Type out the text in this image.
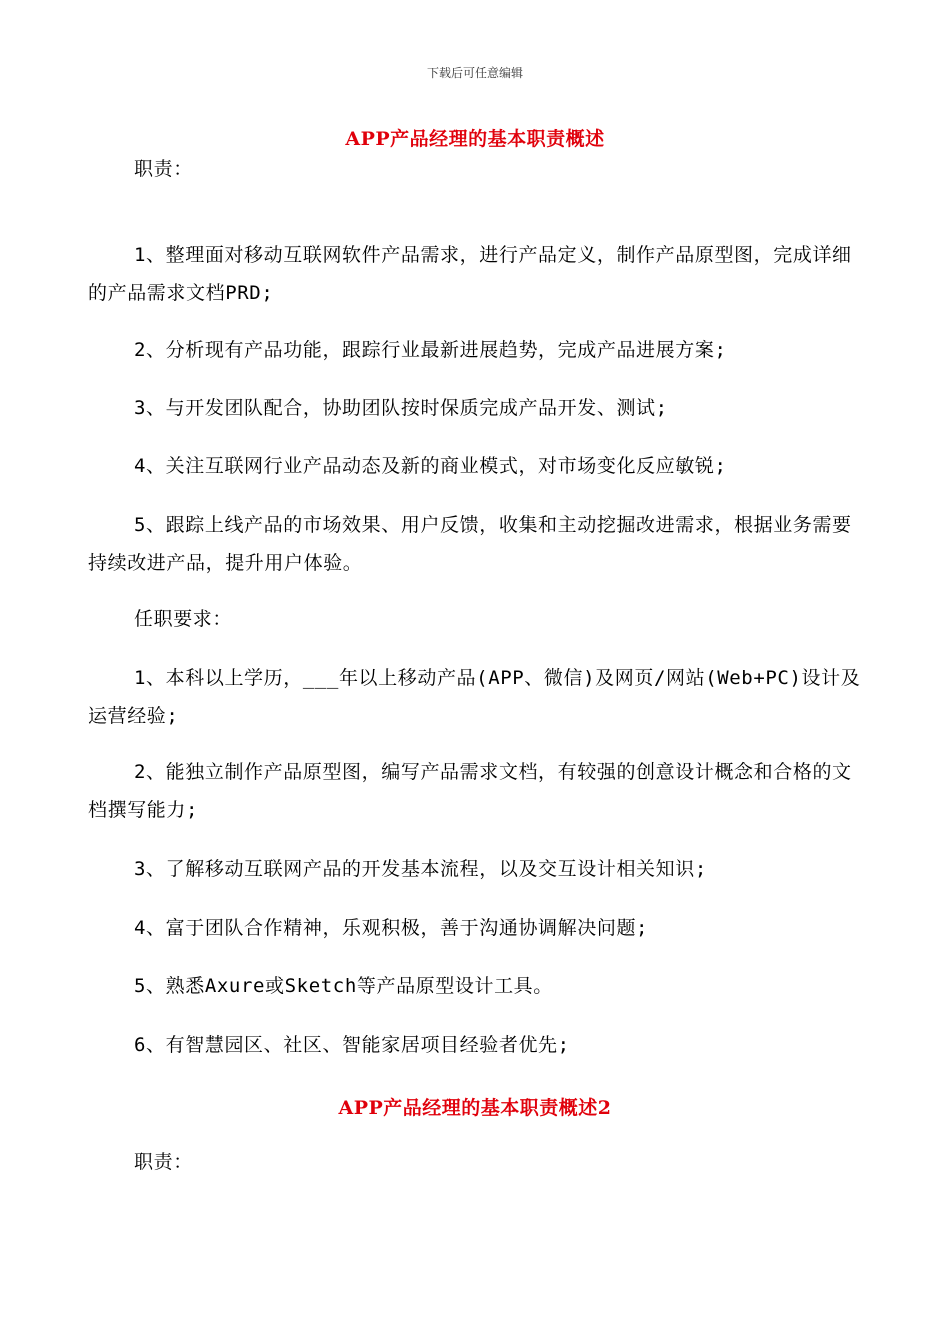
下载后可任意编辑
APP产品经理的基本职责概述
职责：
1、整理面对移动互联网软件产品需求，进行产品定义，制作产品原型图，完成详细的产品需求文档PRD;
2、分析现有产品功能，跟踪行业最新进展趋势，完成产品进展方案;
3、与开发团队配合，协助团队按时保质完成产品开发、测试;
4、关注互联网行业产品动态及新的商业模式，对市场变化反应敏锐;
5、跟踪上线产品的市场效果、用户反馈，收集和主动挖掘改进需求，根据业务需要持续改进产品，提升用户体验。
任职要求：
1、本科以上学历，___年以上移动产品(APP、微信)及网页/网站(Web+PC)设计及运营经验;
2、能独立制作产品原型图，编写产品需求文档，有较强的创意设计概念和合格的文档撰写能力;
3、了解移动互联网产品的开发基本流程，以及交互设计相关知识;
4、富于团队合作精神，乐观积极，善于沟通协调解决问题;
5、熟悉Axure或Sketch等产品原型设计工具。
6、有智慧园区、社区、智能家居项目经验者优先;
APP产品经理的基本职责概述2
职责：
